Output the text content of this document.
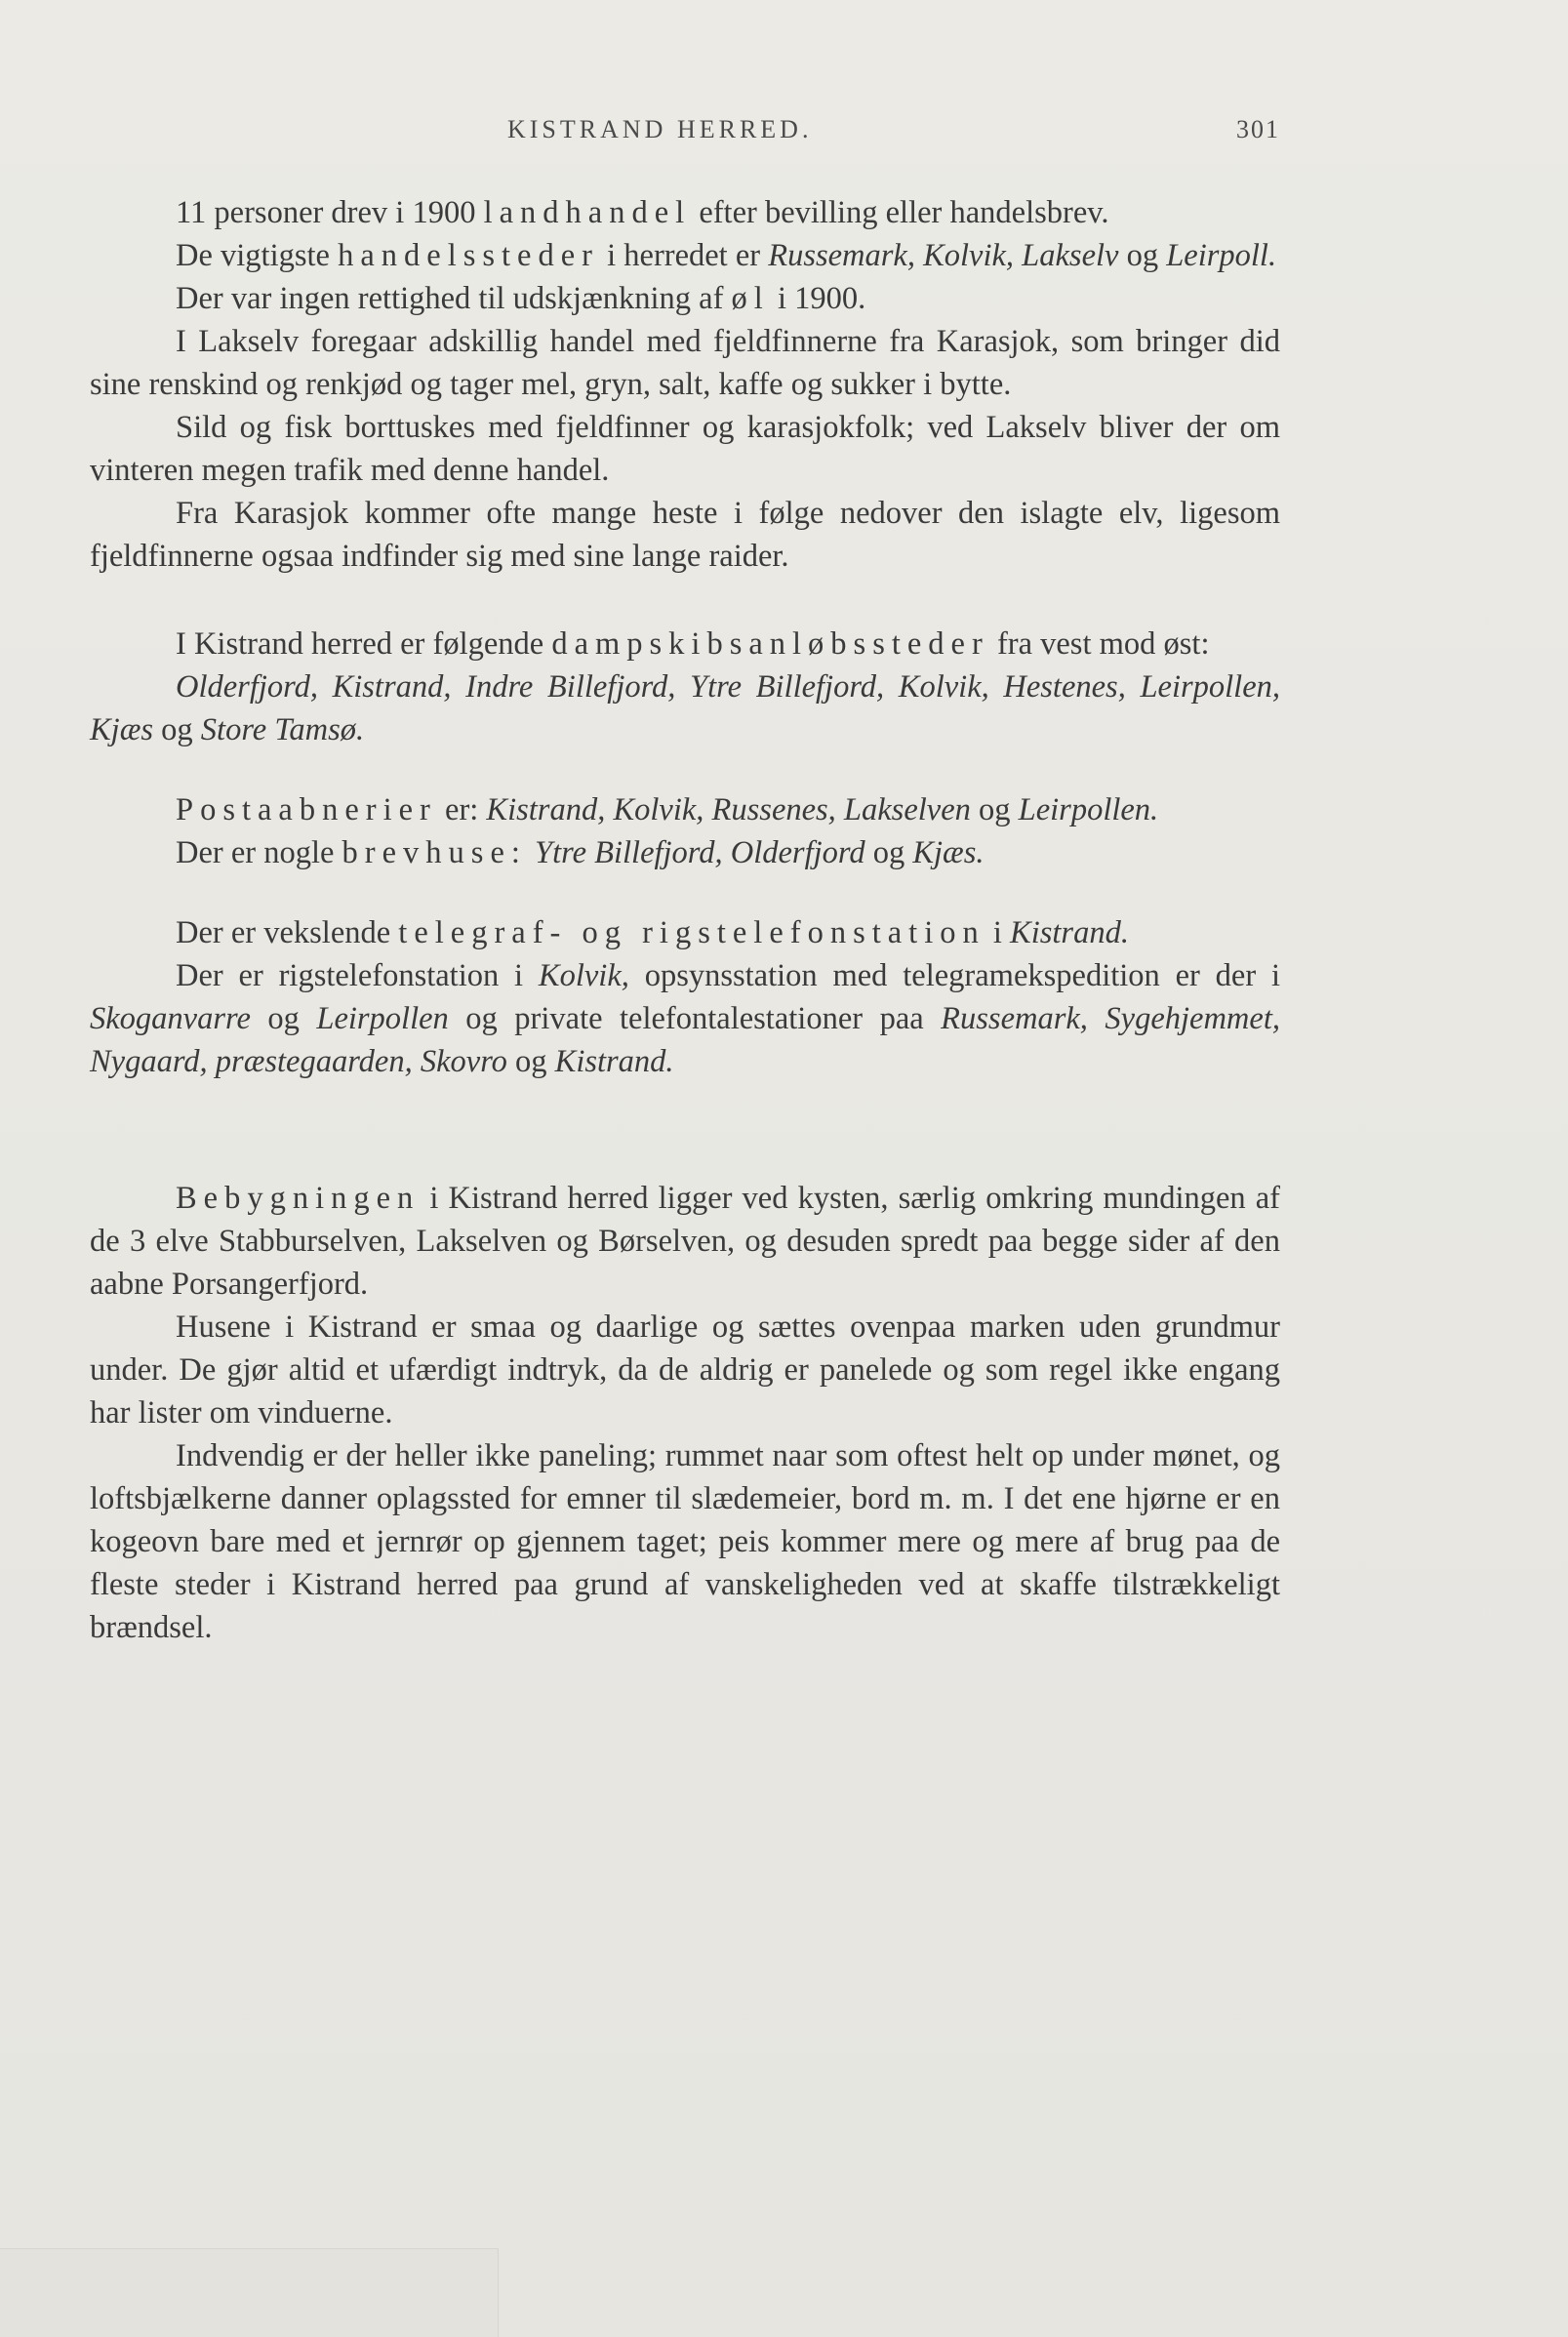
KISTRAND HERRED.	301

11 personer drev i 1900 landhandel efter bevilling eller handelsbrev.

De vigtigste handelssteder i herredet er Russemark, Kolvik, Lakselv og Leirpoll.

Der var ingen rettighed til udskjænkning af øl i 1900.

I Lakselv foregaar adskillig handel med fjeldfinnerne fra Karasjok, som bringer did sine renskind og renkjød og tager mel, gryn, salt, kaffe og sukker i bytte.

Sild og fisk borttuskes med fjeldfinner og karasjokfolk; ved Lakselv bliver der om vinteren megen trafik med denne handel.

Fra Karasjok kommer ofte mange heste i følge nedover den islagte elv, ligesom fjeldfinnerne ogsaa indfinder sig med sine lange raider.

I Kistrand herred er følgende dampskibsanløbssteder fra vest mod øst:

Olderfjord, Kistrand, Indre Billefjord, Ytre Billefjord, Kolvik, Hestenes, Leirpollen, Kjæs og Store Tamsø.

Postaabnerier er: Kistrand, Kolvik, Russenes, Lakselven og Leirpollen.

Der er nogle brevhuse: Ytre Billefjord, Olderfjord og Kjæs.

Der er vekslende telegraf- og rigstelefonstation i Kistrand.

Der er rigstelefonstation i Kolvik, opsynsstation med telegramekspedition er der i Skoganvarre og Leirpollen og private telefontalestationer paa Russemark, Sygehjemmet, Nygaard, præstegaarden, Skovro og Kistrand.

Bebygningen i Kistrand herred ligger ved kysten, særlig omkring mundingen af de 3 elve Stabburselven, Lakselven og Børselven, og desuden spredt paa begge sider af den aabne Porsangerfjord.

Husene i Kistrand er smaa og daarlige og sættes ovenpaa marken uden grundmur under. De gjør altid et ufærdigt indtryk, da de aldrig er panelede og som regel ikke engang har lister om vinduerne.

Indvendig er der heller ikke paneling; rummet naar som oftest helt op under mønet, og loftsbjælkerne danner oplagssted for emner til slædemeier, bord m. m. I det ene hjørne er en kogeovn bare med et jernrør op gjennem taget; peis kommer mere og mere af brug paa de fleste steder i Kistrand herred paa grund af vanskeligheden ved at skaffe tilstrækkeligt brændsel.
